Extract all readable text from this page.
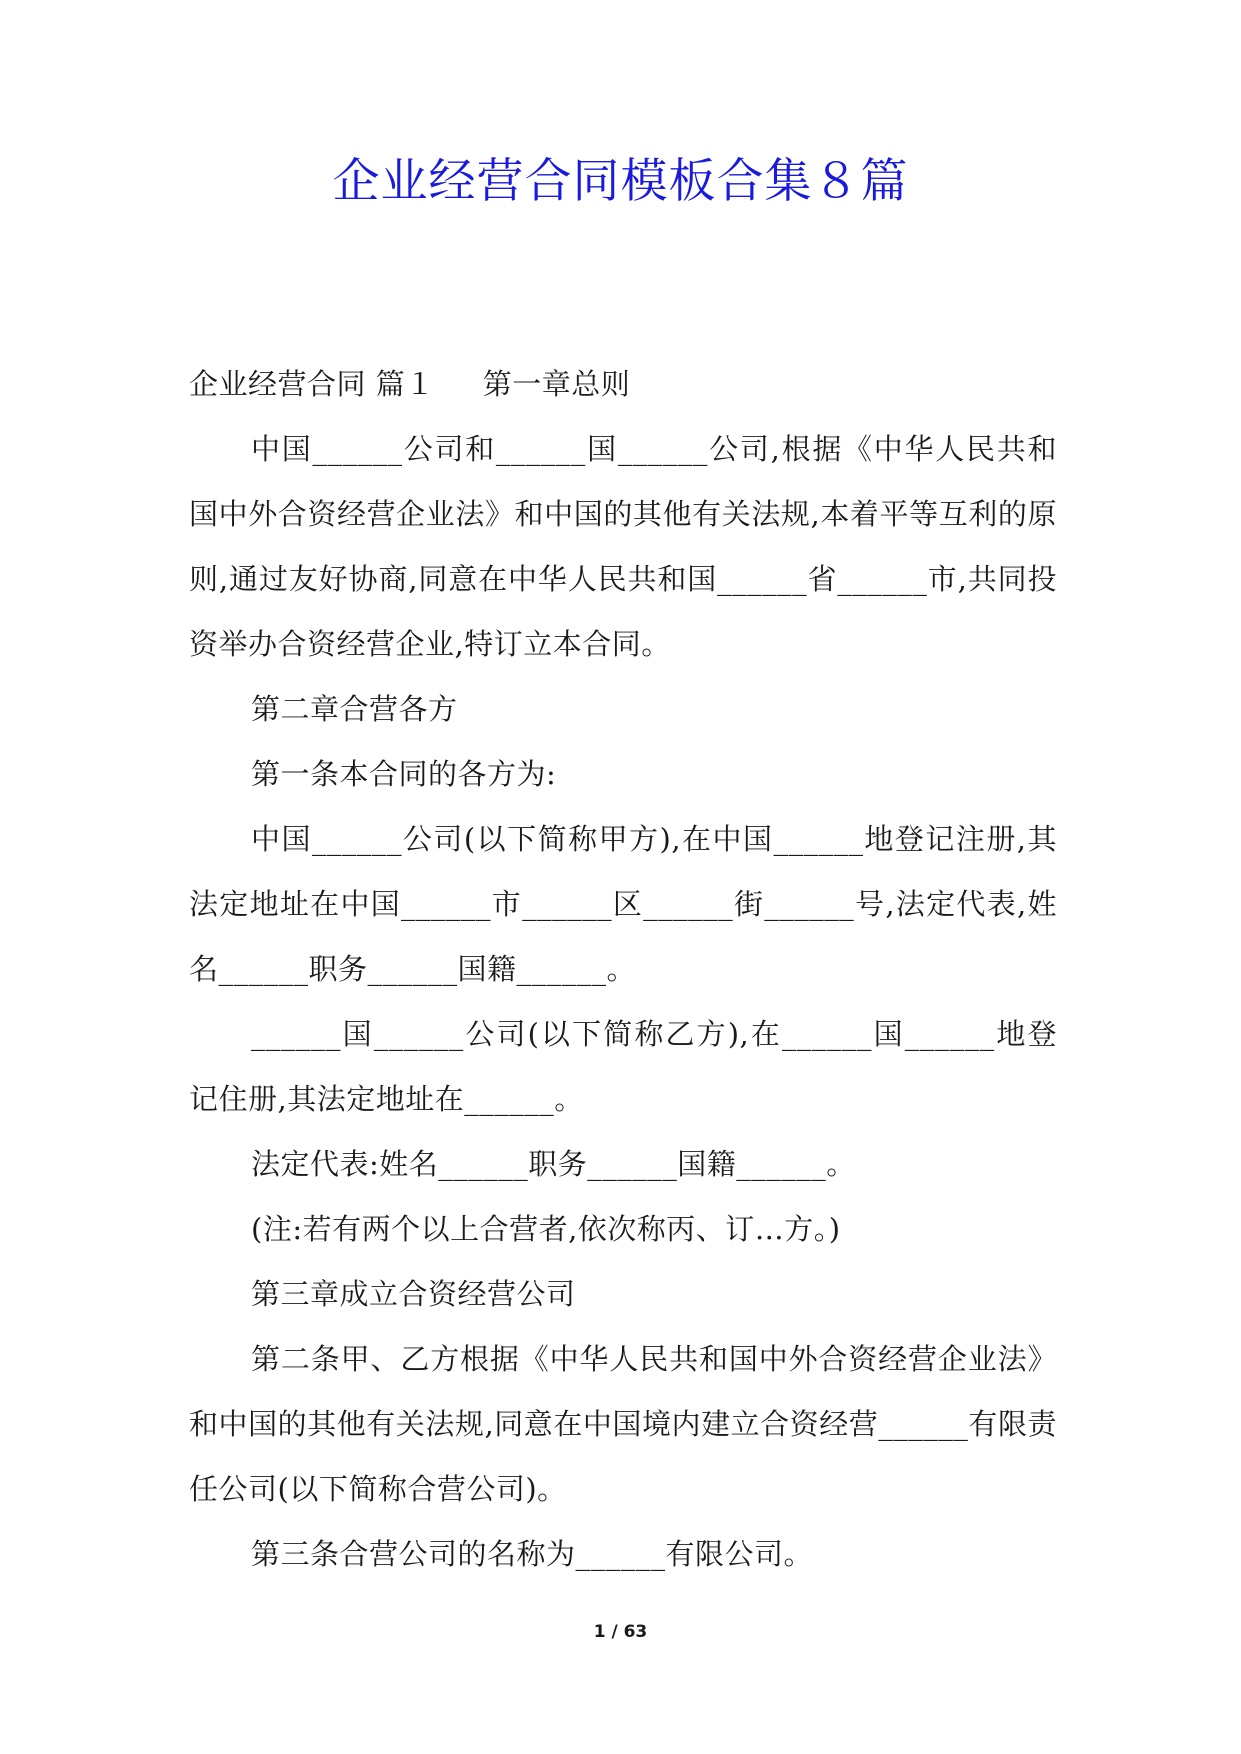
企业经营合同模板合集８篇

企业经营合同 篇１ 第一章总则

中国______公司和______国______公司,根据《中华人民共和国中外合资经营企业法》和中国的其他有关法规,本着平等互利的原则,通过友好协商,同意在中华人民共和国______省______市,共同投资举办合资经营企业,特订立本合同。

第二章合营各方

第一条本合同的各方为:

中国______公司(以下简称甲方),在中国______地登记注册,其法定地址在中国______市______区______街______号,法定代表,姓名______职务______国籍______。

______国______公司(以下简称乙方),在______国______地登记住册,其法定地址在______。

法定代表:姓名______职务______国籍______。

(注:若有两个以上合营者,依次称丙、订…方。)

第三章成立合资经营公司

第二条甲、乙方根据《中华人民共和国中外合资经营企业法》和中国的其他有关法规,同意在中国境内建立合资经营______有限责任公司(以下简称合营公司)。

第三条合营公司的名称为______有限公司。

1 / 63
